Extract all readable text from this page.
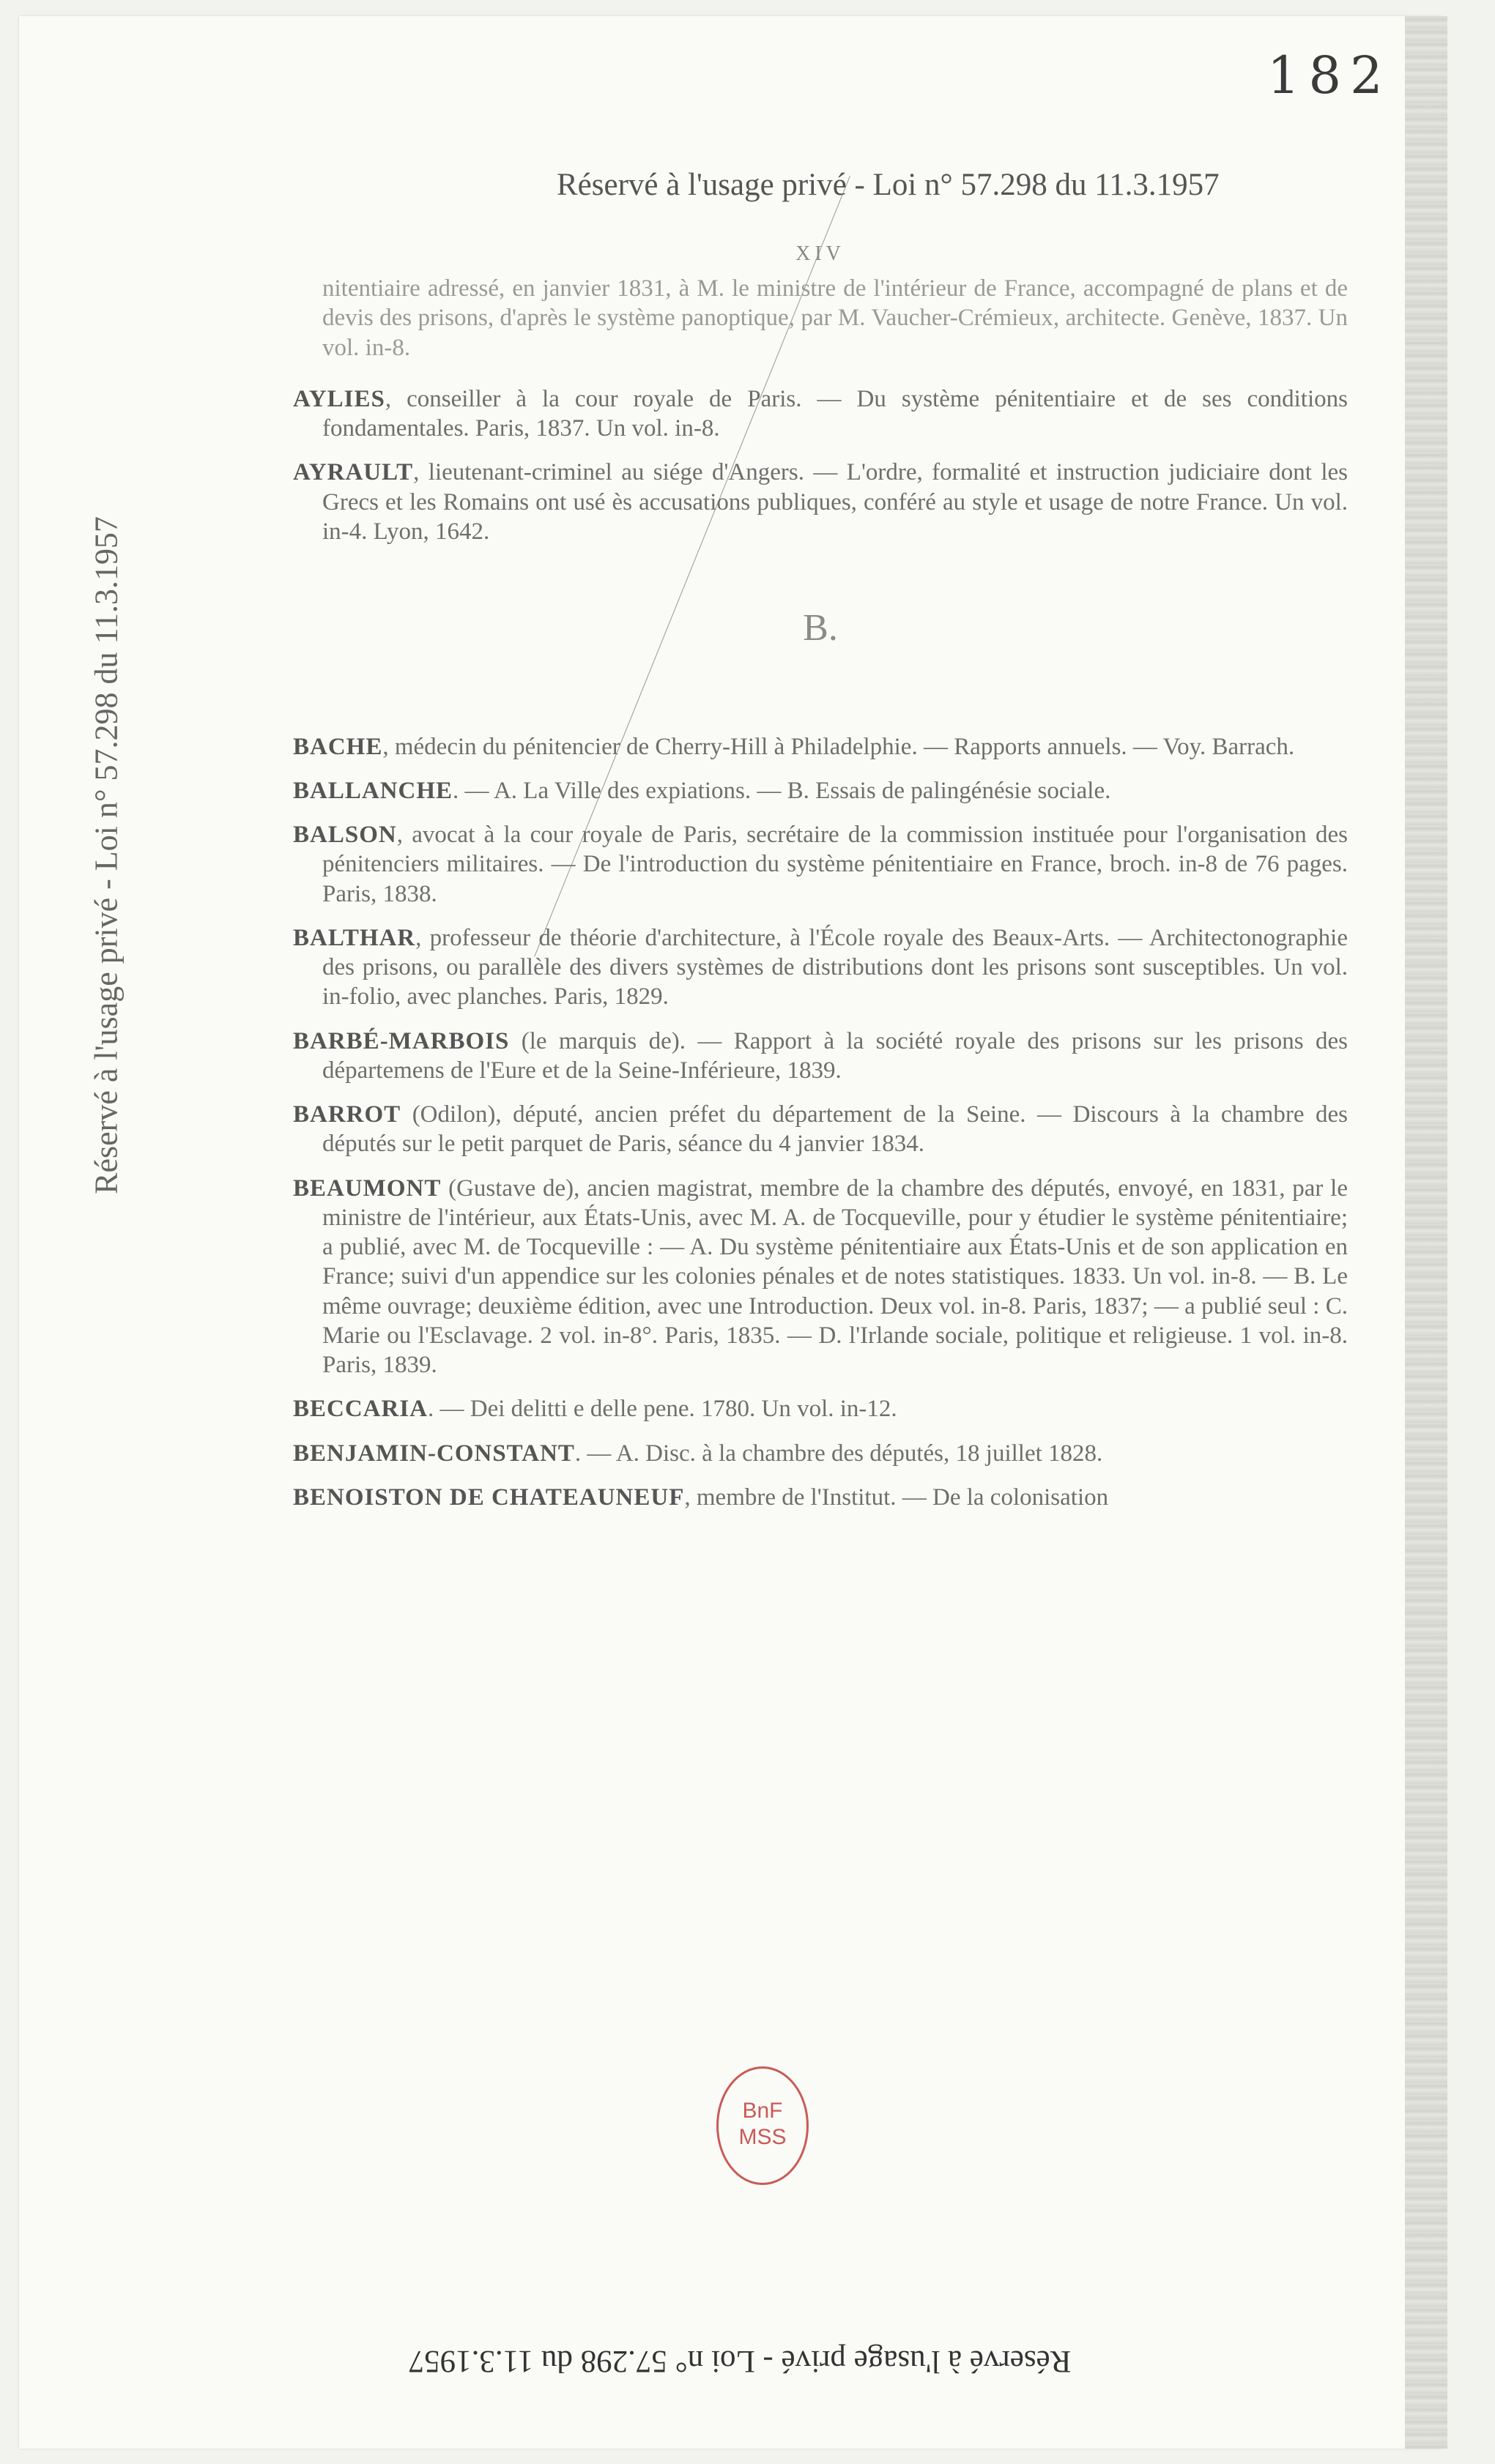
182
Réservé à l'usage privé - Loi n° 57.298 du 11.3.1957
Réservé à l'usage privé - Loi n° 57.298 du 11.3.1957
Réservé à l'usage privé - Loi n° 57.298 du 11.3.1957
XIV

nitentiaire adressé, en janvier 1831, à M. le ministre de l'intérieur de France, accompagné de plans et de devis des prisons, d'après le système panoptique, par M. Vaucher-Crémieux, architecte. Genève, 1837. Un vol. in-8.

AYLIES, conseiller à la cour royale de Paris. — Du système pénitentiaire et de ses conditions fondamentales. Paris, 1837. Un vol. in-8.

AYRAULT, lieutenant-criminel au siége d'Angers. — L'ordre, formalité et instruction judiciaire dont les Grecs et les Romains ont usé ès accusations publiques, conféré au style et usage de notre France. Un vol. in-4. Lyon, 1642.

B.

BACHE, médecin du pénitencier de Cherry-Hill à Philadelphie. — Rapports annuels. — Voy. Barrach.

BALLANCHE. — A. La Ville des expiations. — B. Essais de palingénésie sociale.

BALSON, avocat à la cour royale de Paris, secrétaire de la commission instituée pour l'organisation des pénitenciers militaires. — De l'introduction du système pénitentiaire en France, broch. in-8 de 76 pages. Paris, 1838.

BALTHAR, professeur de théorie d'architecture, à l'École royale des Beaux-Arts. — Architectonographie des prisons, ou parallèle des divers systèmes de distributions dont les prisons sont susceptibles. Un vol. in-folio, avec planches. Paris, 1829.

BARBÉ-MARBOIS (le marquis de). — Rapport à la société royale des prisons sur les prisons des départemens de l'Eure et de la Seine-Inférieure, 1839.

BARROT (Odilon), député, ancien préfet du département de la Seine. — Discours à la chambre des députés sur le petit parquet de Paris, séance du 4 janvier 1834.

BEAUMONT (Gustave de), ancien magistrat, membre de la chambre des députés, envoyé, en 1831, par le ministre de l'intérieur, aux États-Unis, avec M. A. de Tocqueville, pour y étudier le système pénitentiaire; a publié, avec M. de Tocqueville : — A. Du système pénitentiaire aux États-Unis et de son application en France; suivi d'un appendice sur les colonies pénales et de notes statistiques. 1833. Un vol. in-8. — B. Le même ouvrage; deuxième édition, avec une Introduction. Deux vol. in-8. Paris, 1837; — a publié seul : C. Marie ou l'Esclavage. 2 vol. in-8°. Paris, 1835. — D. l'Irlande sociale, politique et religieuse. 1 vol. in-8. Paris, 1839.

BECCARIA. — Dei delitti e delle pene. 1780. Un vol. in-12.

BENJAMIN-CONSTANT. — A. Disc. à la chambre des députés, 18 juillet 1828.

BENOISTON DE CHATEAUNEUF, membre de l'Institut. — De la colonisation

BnF
MSS
